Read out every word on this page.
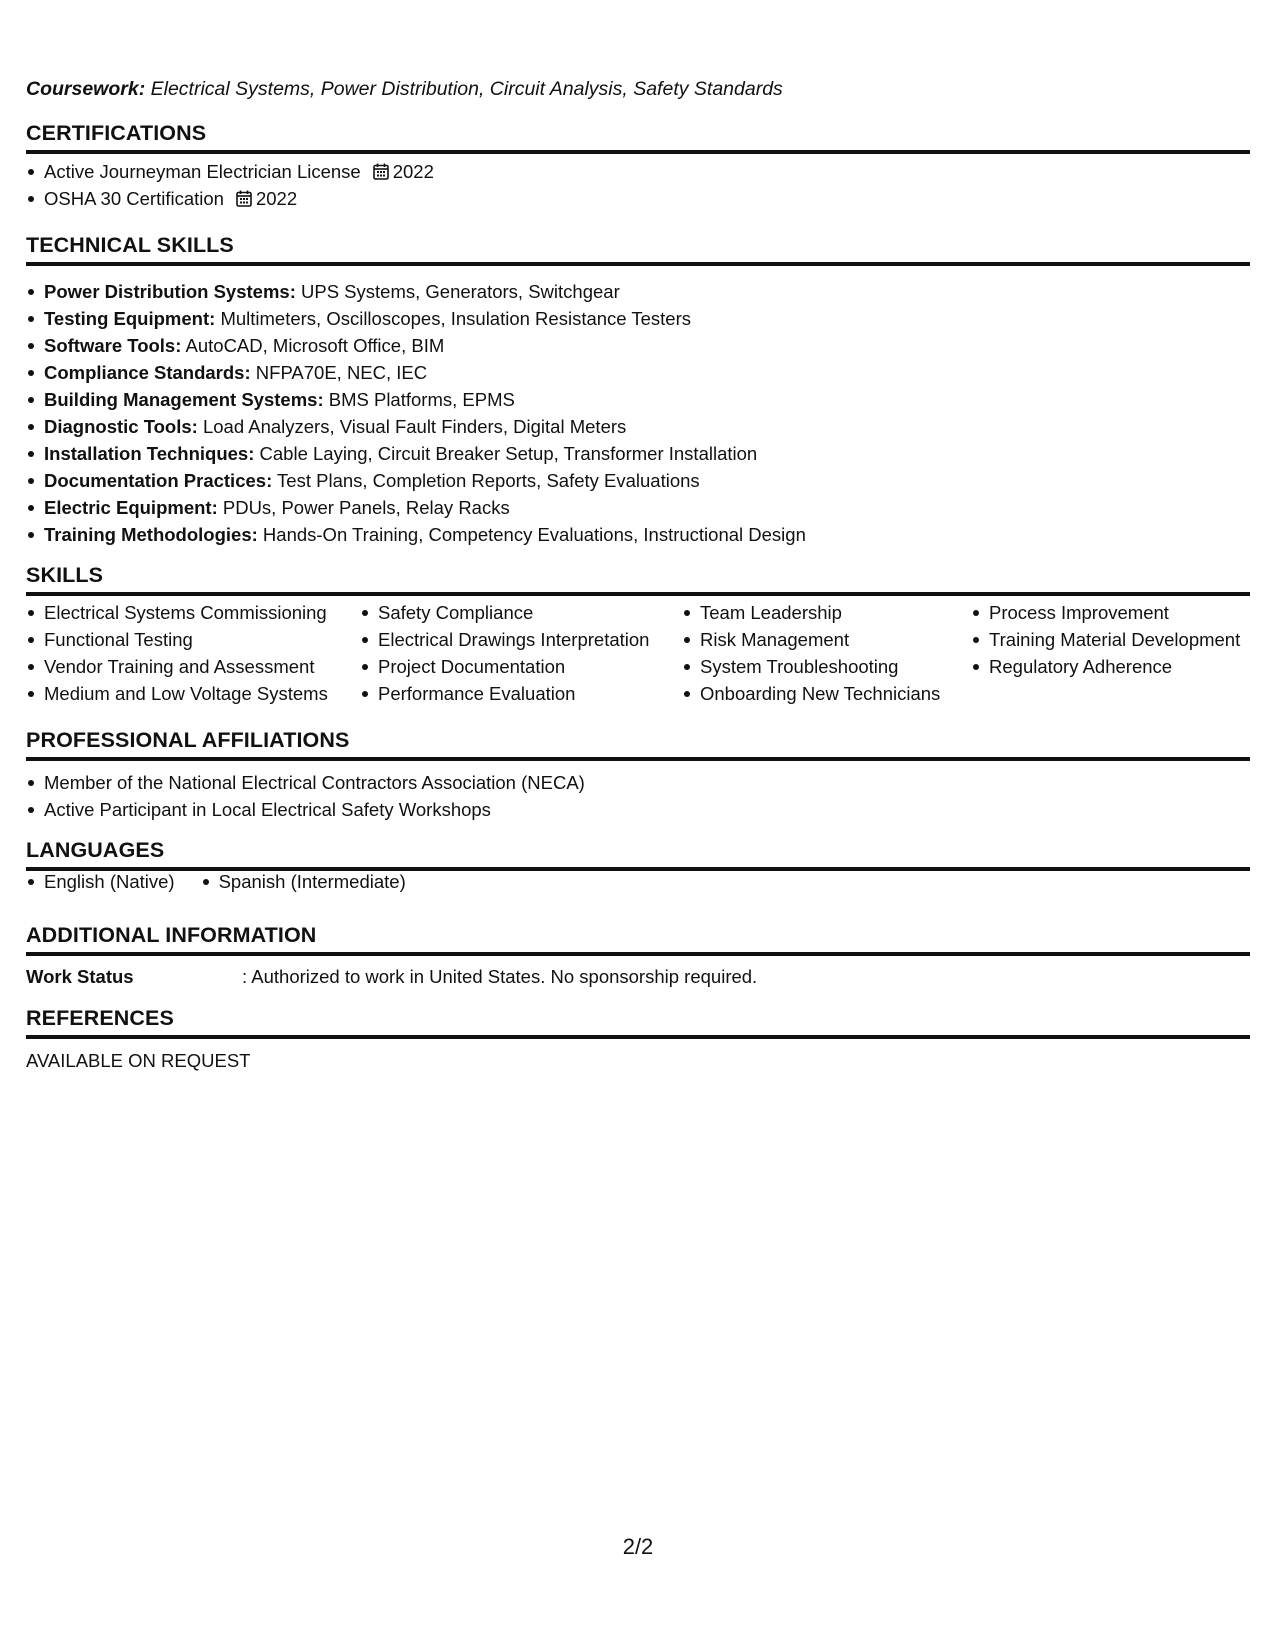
Coursework: Electrical Systems, Power Distribution, Circuit Analysis, Safety Standards
CERTIFICATIONS
Active Journeyman Electrician License 2022
OSHA 30 Certification 2022
TECHNICAL SKILLS
Power Distribution Systems: UPS Systems, Generators, Switchgear
Testing Equipment: Multimeters, Oscilloscopes, Insulation Resistance Testers
Software Tools: AutoCAD, Microsoft Office, BIM
Compliance Standards: NFPA70E, NEC, IEC
Building Management Systems: BMS Platforms, EPMS
Diagnostic Tools: Load Analyzers, Visual Fault Finders, Digital Meters
Installation Techniques: Cable Laying, Circuit Breaker Setup, Transformer Installation
Documentation Practices: Test Plans, Completion Reports, Safety Evaluations
Electric Equipment: PDUs, Power Panels, Relay Racks
Training Methodologies: Hands-On Training, Competency Evaluations, Instructional Design
SKILLS
Electrical Systems Commissioning
Functional Testing
Vendor Training and Assessment
Medium and Low Voltage Systems
Safety Compliance
Electrical Drawings Interpretation
Project Documentation
Performance Evaluation
Team Leadership
Risk Management
System Troubleshooting
Onboarding New Technicians
Process Improvement
Training Material Development
Regulatory Adherence
PROFESSIONAL AFFILIATIONS
Member of the National Electrical Contractors Association (NECA)
Active Participant in Local Electrical Safety Workshops
LANGUAGES
English (Native)	Spanish (Intermediate)
ADDITIONAL INFORMATION
Work Status	: Authorized to work in United States. No sponsorship required.
REFERENCES
AVAILABLE ON REQUEST
2/2
